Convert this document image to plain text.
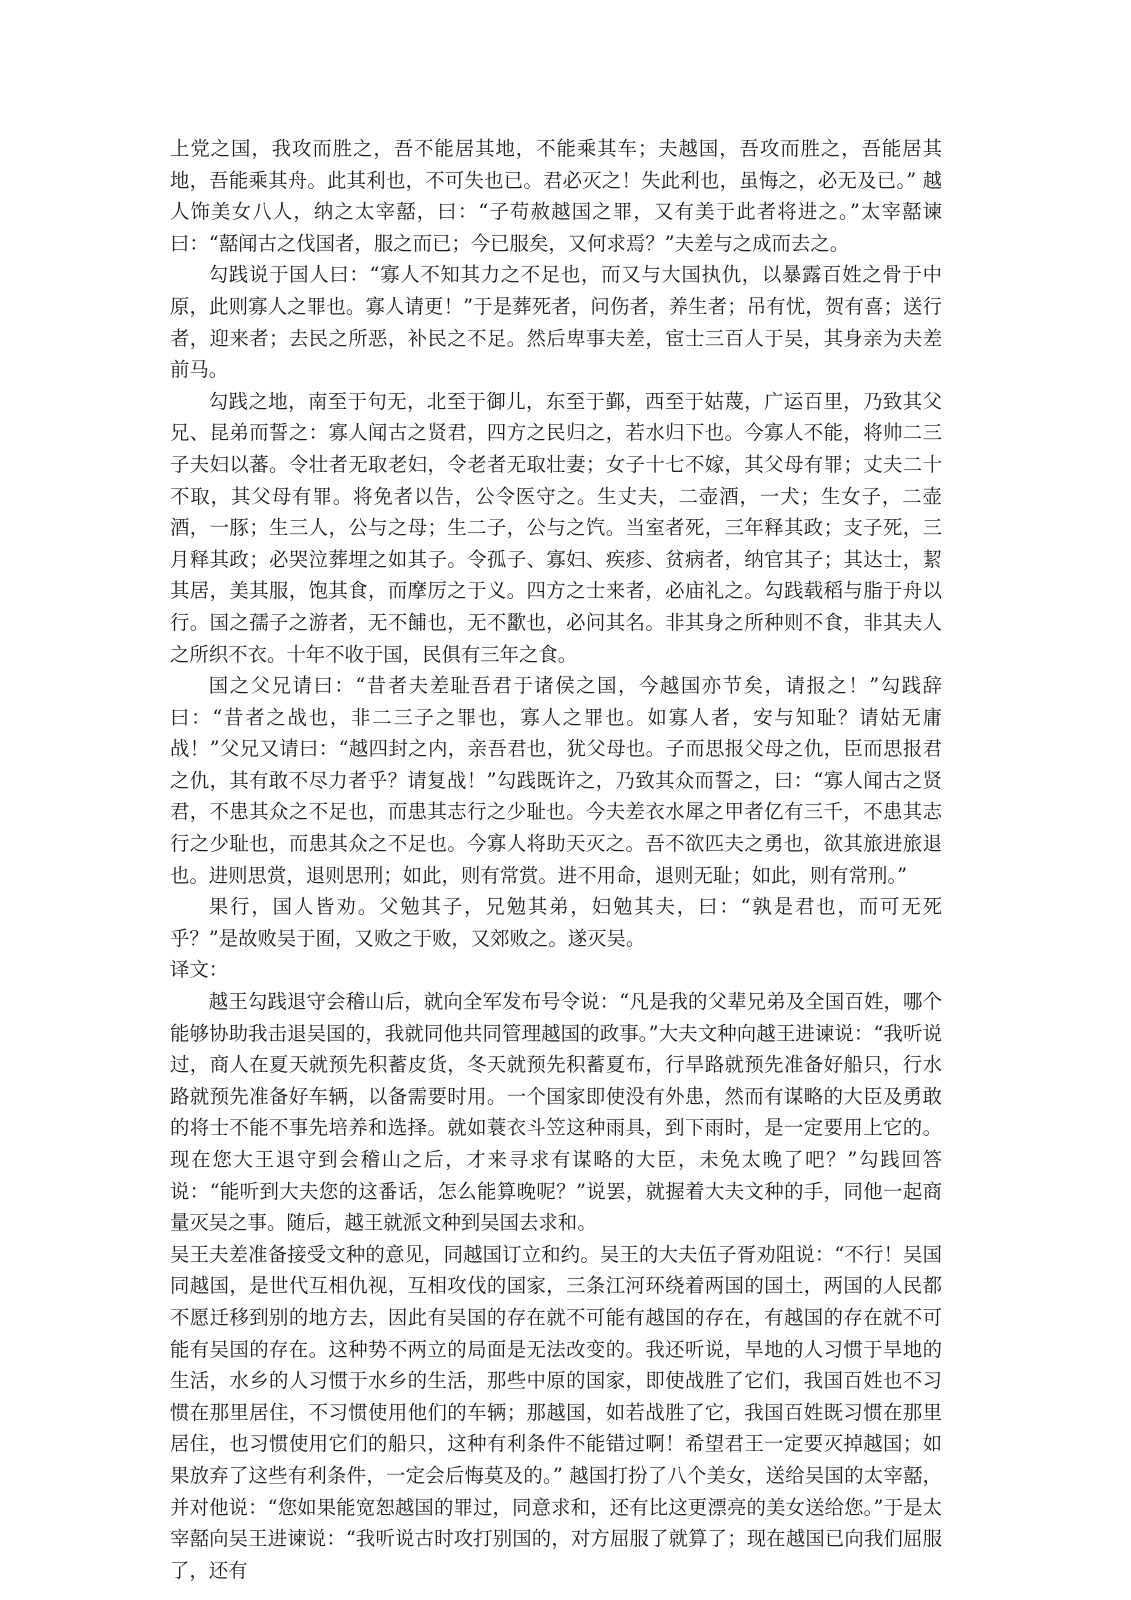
上党之国，我攻而胜之，吾不能居其地，不能乘其车；夫越国，吾攻而胜之，吾能居其地，吾能乘其舟。此其利也，不可失也已。君必灭之！失此利也，虽悔之，必无及已。” 越人饰美女八人，纳之太宰嚭，曰：“子苟赦越国之罪，又有美于此者将进之。”太宰嚭谏曰：“嚭闻古之伐国者，服之而已；今已服矣，又何求焉？”夫差与之成而去之。

勾践说于国人曰：“寡人不知其力之不足也，而又与大国执仇，以暴露百姓之骨于中原，此则寡人之罪也。寡人请更！”于是葬死者，问伤者，养生者；吊有忧，贺有喜；送行者，迎来者；去民之所恶，补民之不足。然后卑事夫差，宦士三百人于吴，其身亲为夫差前马。

勾践之地，南至于句无，北至于御儿，东至于鄞，西至于姑蔑，广运百里，乃致其父兄、昆弟而誓之：寡人闻古之贤君，四方之民归之，若水归下也。今寡人不能，将帅二三子夫妇以蕃。令壮者无取老妇，令老者无取壮妻；女子十七不嫁，其父母有罪；丈夫二十不取，其父母有罪。将免者以告，公令医守之。生丈夫，二壶酒，一犬；生女子，二壶酒，一豚；生三人，公与之母；生二子，公与之饩。当室者死，三年释其政；支子死，三月释其政；必哭泣葬埋之如其子。令孤子、寡妇、疾疹、贫病者，纳官其子；其达士，絜其居，美其服，饱其食，而摩厉之于义。四方之士来者，必庙礼之。勾践载稻与脂于舟以行。国之孺子之游者，无不餔也，无不歠也，必问其名。非其身之所种则不食，非其夫人之所织不衣。十年不收于国，民俱有三年之食。

国之父兄请曰：“昔者夫差耻吾君于诸侯之国，今越国亦节矣，请报之！”勾践辞曰：“昔者之战也，非二三子之罪也，寡人之罪也。如寡人者，安与知耻？请姑无庸战！”父兄又请曰：“越四封之内，亲吾君也，犹父母也。子而思报父母之仇，臣而思报君之仇，其有敢不尽力者乎？请复战！”勾践既许之，乃致其众而誓之，曰：“寡人闻古之贤君，不患其众之不足也，而患其志行之少耻也。今夫差衣水犀之甲者亿有三千，不患其志行之少耻也，而患其众之不足也。今寡人将助天灭之。吾不欲匹夫之勇也，欲其旅进旅退也。进则思赏，退则思刑；如此，则有常赏。进不用命，退则无耻；如此，则有常刑。”

果行，国人皆劝。父勉其子，兄勉其弟，妇勉其夫，曰：“孰是君也，而可无死乎？”是故败吴于囿，又败之于败，又郊败之。遂灭吴。

译文：

越王勾践退守会稽山后，就向全军发布号令说：“凡是我的父辈兄弟及全国百姓，哪个能够协助我击退吴国的，我就同他共同管理越国的政事。”大夫文种向越王进谏说：“我听说过，商人在夏天就预先积蓄皮货，冬天就预先积蓄夏布，行旱路就预先准备好船只，行水路就预先准备好车辆，以备需要时用。一个国家即使没有外患，然而有谋略的大臣及勇敢的将士不能不事先培养和选择。就如蓑衣斗笠这种雨具，到下雨时，是一定要用上它的。现在您大王退守到会稽山之后，才来寻求有谋略的大臣，未免太晚了吧？”勾践回答说：“能听到大夫您的这番话，怎么能算晚呢？”说罢，就握着大夫文种的手，同他一起商量灭吴之事。随后，越王就派文种到吴国去求和。

吴王夫差准备接受文种的意见，同越国订立和约。吴王的大夫伍子胥劝阻说：“不行！吴国同越国，是世代互相仇视，互相攻伐的国家，三条江河环绕着两国的国土，两国的人民都不愿迁移到别的地方去，因此有吴国的存在就不可能有越国的存在，有越国的存在就不可能有吴国的存在。这种势不两立的局面是无法改变的。我还听说，旱地的人习惯于旱地的生活，水乡的人习惯于水乡的生活，那些中原的国家，即使战胜了它们，我国百姓也不习惯在那里居住，不习惯使用他们的车辆；那越国，如若战胜了它，我国百姓既习惯在那里居住，也习惯使用它们的船只，这种有利条件不能错过啊！希望君王一定要灭掉越国；如果放弃了这些有利条件，一定会后悔莫及的。” 越国打扮了八个美女，送给吴国的太宰嚭，并对他说：“您如果能宽恕越国的罪过，同意求和，还有比这更漂亮的美女送给您。”于是太宰嚭向吴王进谏说：“我听说古时攻打别国的，对方屈服了就算了；现在越国已向我们屈服了，还有
